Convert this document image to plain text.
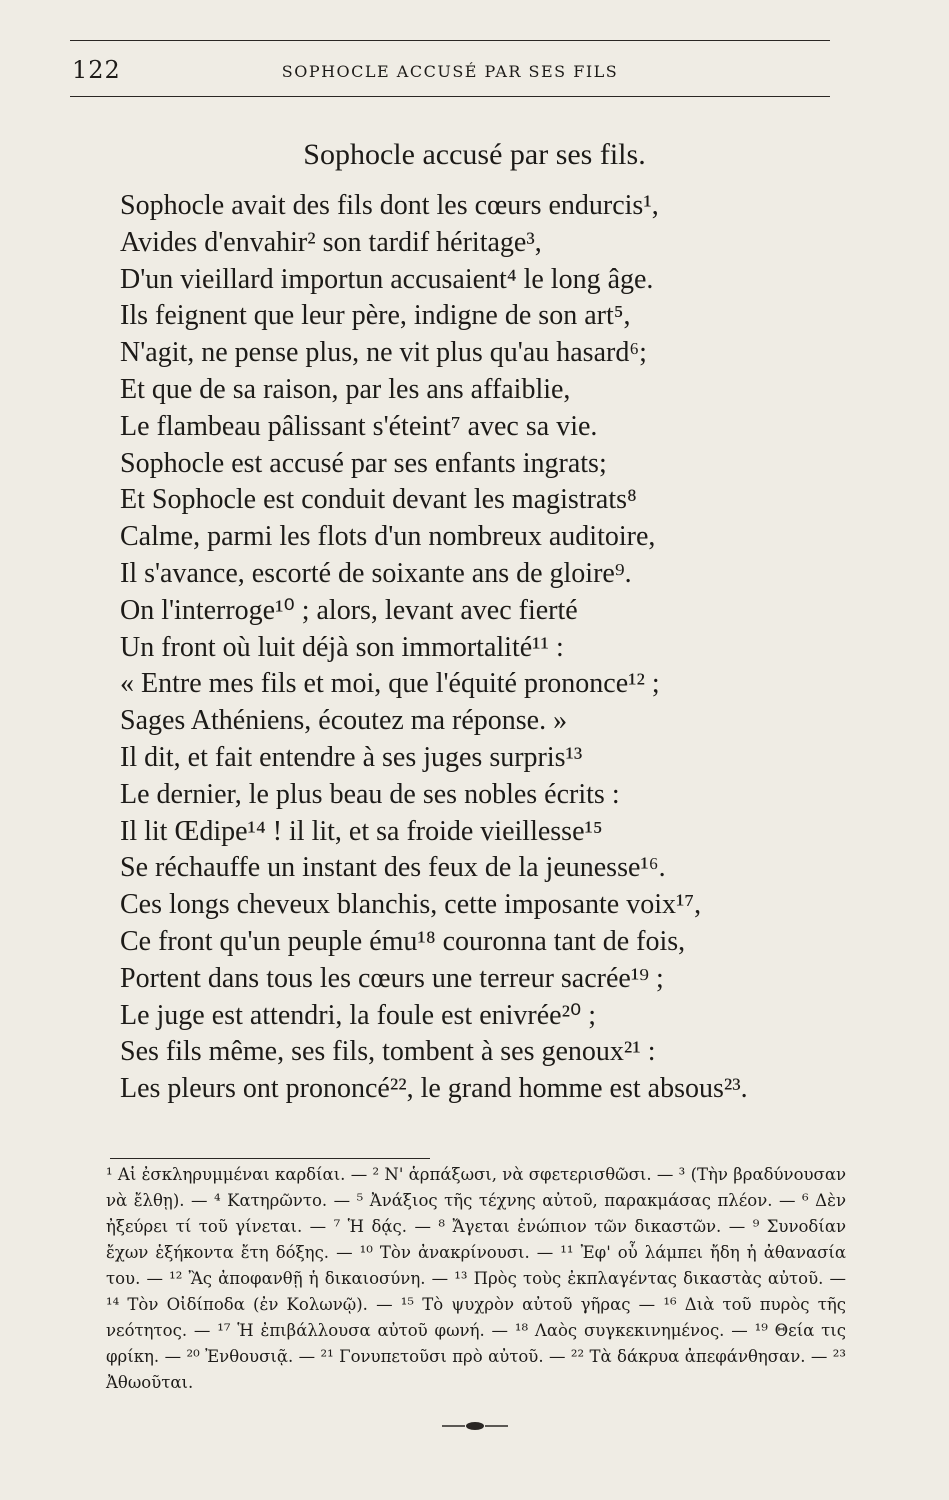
122	SOPHOCLE ACCUSÉ PAR SES FILS
Sophocle accusé par ses fils.
Sophocle avait des fils dont les cœurs endurcis¹,
Avides d'envahir² son tardif héritage³,
D'un vieillard importun accusaient⁴ le long âge.
Ils feignent que leur père, indigne de son art⁵,
N'agit, ne pense plus, ne vit plus qu'au hasard⁶;
Et que de sa raison, par les ans affaiblie,
Le flambeau pâlissant s'éteint⁷ avec sa vie.
Sophocle est accusé par ses enfants ingrats;
Et Sophocle est conduit devant les magistrats⁸
Calme, parmi les flots d'un nombreux auditoire,
Il s'avance, escorté de soixante ans de gloire⁹.
On l'interroge¹⁰ ; alors, levant avec fierté
Un front où luit déjà son immortalité¹¹ :
« Entre mes fils et moi, que l'équité prononce¹² ;
Sages Athéniens, écoutez ma réponse. »
Il dit, et fait entendre à ses juges surpris¹³
Le dernier, le plus beau de ses nobles écrits :
Il lit Œdipe¹⁴ ! il lit, et sa froide vieillesse¹⁵
Se réchauffe un instant des feux de la jeunesse¹⁶.
Ces longs cheveux blanchis, cette imposante voix¹⁷,
Ce front qu'un peuple ému¹⁸ couronna tant de fois,
Portent dans tous les cœurs une terreur sacrée¹⁹ ;
Le juge est attendri, la foule est enivrée²⁰ ;
Ses fils même, ses fils, tombent à ses genoux²¹ :
Les pleurs ont prononcé²², le grand homme est absous²³.
¹ Αἱ ἐσκληρυμμέναι καρδίαι. — ² Ν' ἁρπάξωσι, νὰ σφετερισθῶσι. — ³ (Τὴν βραδύνουσαν νὰ ἔλθῃ). — ⁴ Κατηρῶντο. — ⁵ Ἀνάξιος τῆς τέχνης αὐτοῦ, παρακμάσας πλέον. — ⁶ Δὲν ἠξεύρει τί τοῦ γίνεται. — ⁷ Ἡ δᾴς. — ⁸ Ἄγεται ἐνώπιον τῶν δικαστῶν. — ⁹ Συνοδίαν ἔχων ἑξήκοντα ἔτη δόξης. — ¹⁰ Τὸν ἀνακρίνουσι. — ¹¹ Ἐφ' οὗ λάμπει ἤδη ἡ ἀθανασία του. — ¹² Ἂς ἀποφανθῇ ἡ δικαιοσύνη. — ¹³ Πρὸς τοὺς ἐκπλαγέντας δικαστὰς αὐτοῦ. — ¹⁴ Τὸν Οἰδίποδα (ἐν Κολωνῷ). — ¹⁵ Τὸ ψυχρὸν αὐτοῦ γῆρας — ¹⁶ Διὰ τοῦ πυρὸς τῆς νεότητος. — ¹⁷ Ἡ ἐπιβάλλουσα αὐτοῦ φωνή. — ¹⁸ Λαὸς συγκεκινημένος. — ¹⁹ Θεία τις φρίκη. — ²⁰ Ἐνθουσιᾷ. — ²¹ Γονυπετοῦσι πρὸ αὐτοῦ. — ²² Τὰ δάκρυα ἀπεφάνθησαν. — ²³ Ἀθωοῦται.
